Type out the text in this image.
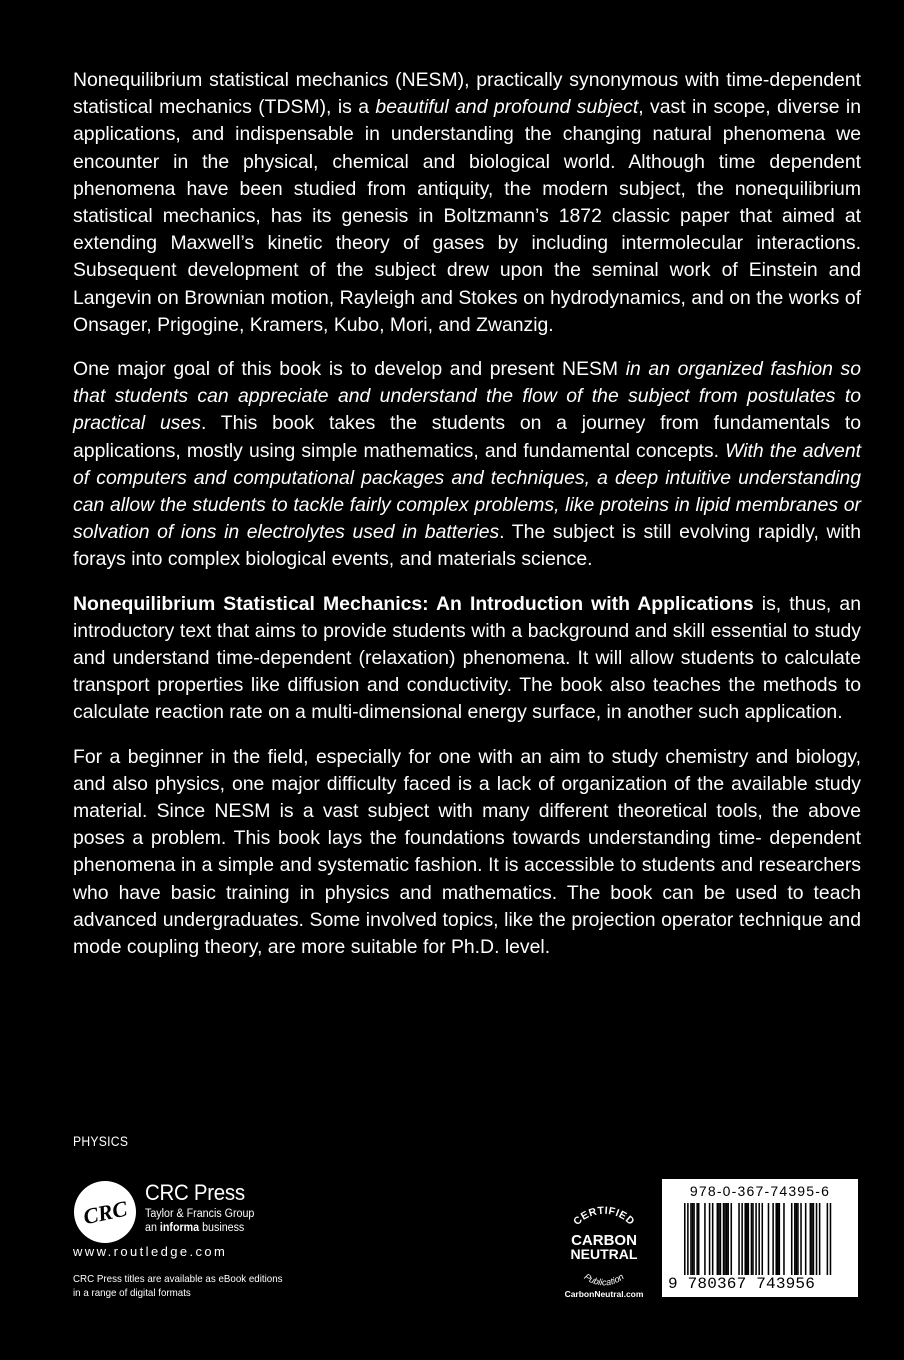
Nonequilibrium statistical mechanics (NESM), practically synonymous with time-dependent statistical mechanics (TDSM), is a beautiful and profound subject, vast in scope, diverse in applications, and indispensable in understanding the changing natural phenomena we encounter in the physical, chemical and biological world. Although time dependent phenomena have been studied from antiquity, the modern subject, the nonequilibrium statistical mechanics, has its genesis in Boltzmann’s 1872 classic paper that aimed at extending Maxwell’s kinetic theory of gases by including intermolecular interactions. Subsequent development of the subject drew upon the seminal work of Einstein and Langevin on Brownian motion, Rayleigh and Stokes on hydrodynamics, and on the works of Onsager, Prigogine, Kramers, Kubo, Mori, and Zwanzig.

One major goal of this book is to develop and present NESM in an organized fashion so that students can appreciate and understand the flow of the subject from postulates to practical uses. This book takes the students on a journey from fundamentals to applications, mostly using simple mathematics, and fundamental concepts. With the advent of computers and computational packages and techniques, a deep intuitive understanding can allow the students to tackle fairly complex problems, like proteins in lipid membranes or solvation of ions in electrolytes used in batteries. The subject is still evolving rapidly, with forays into complex biological events, and materials science.

Nonequilibrium Statistical Mechanics: An Introduction with Applications is, thus, an introductory text that aims to provide students with a background and skill essential to study and understand time-dependent (relaxation) phenomena. It will allow students to calculate transport properties like diffusion and conductivity. The book also teaches the methods to calculate reaction rate on a multi-dimensional energy surface, in another such application.

For a beginner in the field, especially for one with an aim to study chemistry and biology, and also physics, one major difficulty faced is a lack of organization of the available study material. Since NESM is a vast subject with many different theoretical tools, the above poses a problem. This book lays the foundations towards understanding time- dependent phenomena in a simple and systematic fashion. It is accessible to students and researchers who have basic training in physics and mathematics. The book can be used to teach advanced undergraduates. Some involved topics, like the projection operator technique and mode coupling theory, are more suitable for Ph.D. level.

PHYSICS
CRC
CRC Press
Taylor & Francis Group
an informa business
www.routledge.com
CRC Press titles are available as eBook editions
in a range of digital formats
CERTIFIED
CARBON
NEUTRAL
Publication
CarbonNeutral.com
978-0-367-74395-6
9 780367 743956
